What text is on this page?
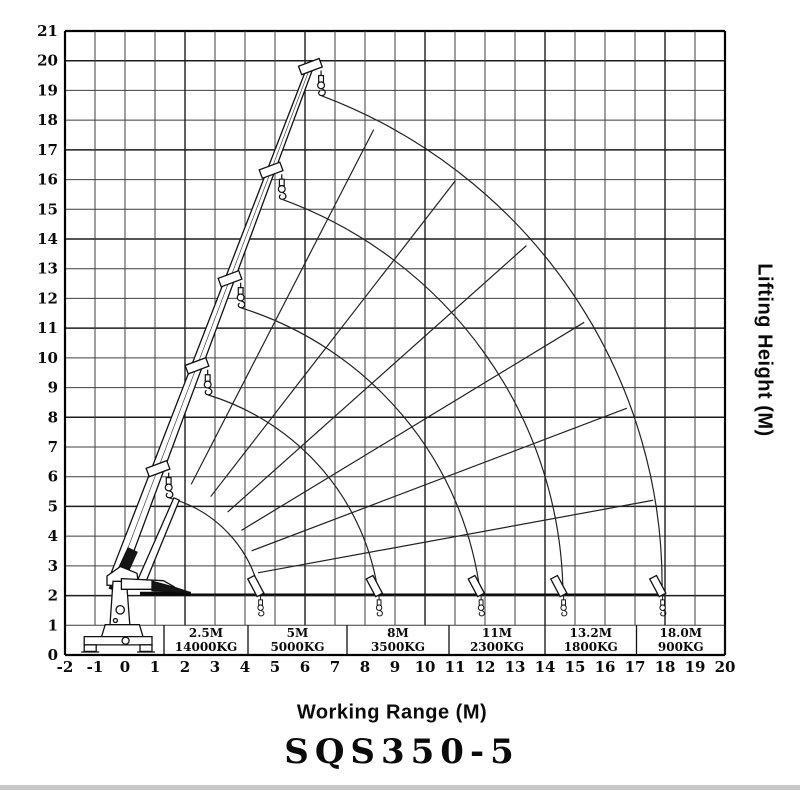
2.5M
14000KG
5M
5000KG
8M
3500KG
11M
2300KG
13.2M
1800KG
18.0M
900KG
-2 -1 0 1 2 3 4 5 6 7 8 9 10 11 12 13 14 15 16 17 18 19 20
0
1
2
3
4
5
6
7
8
9
10
11
12
13
14
15
16
17
18
19
20
21
Working Range (M)
Lifting Height (M)
SQS350-5
